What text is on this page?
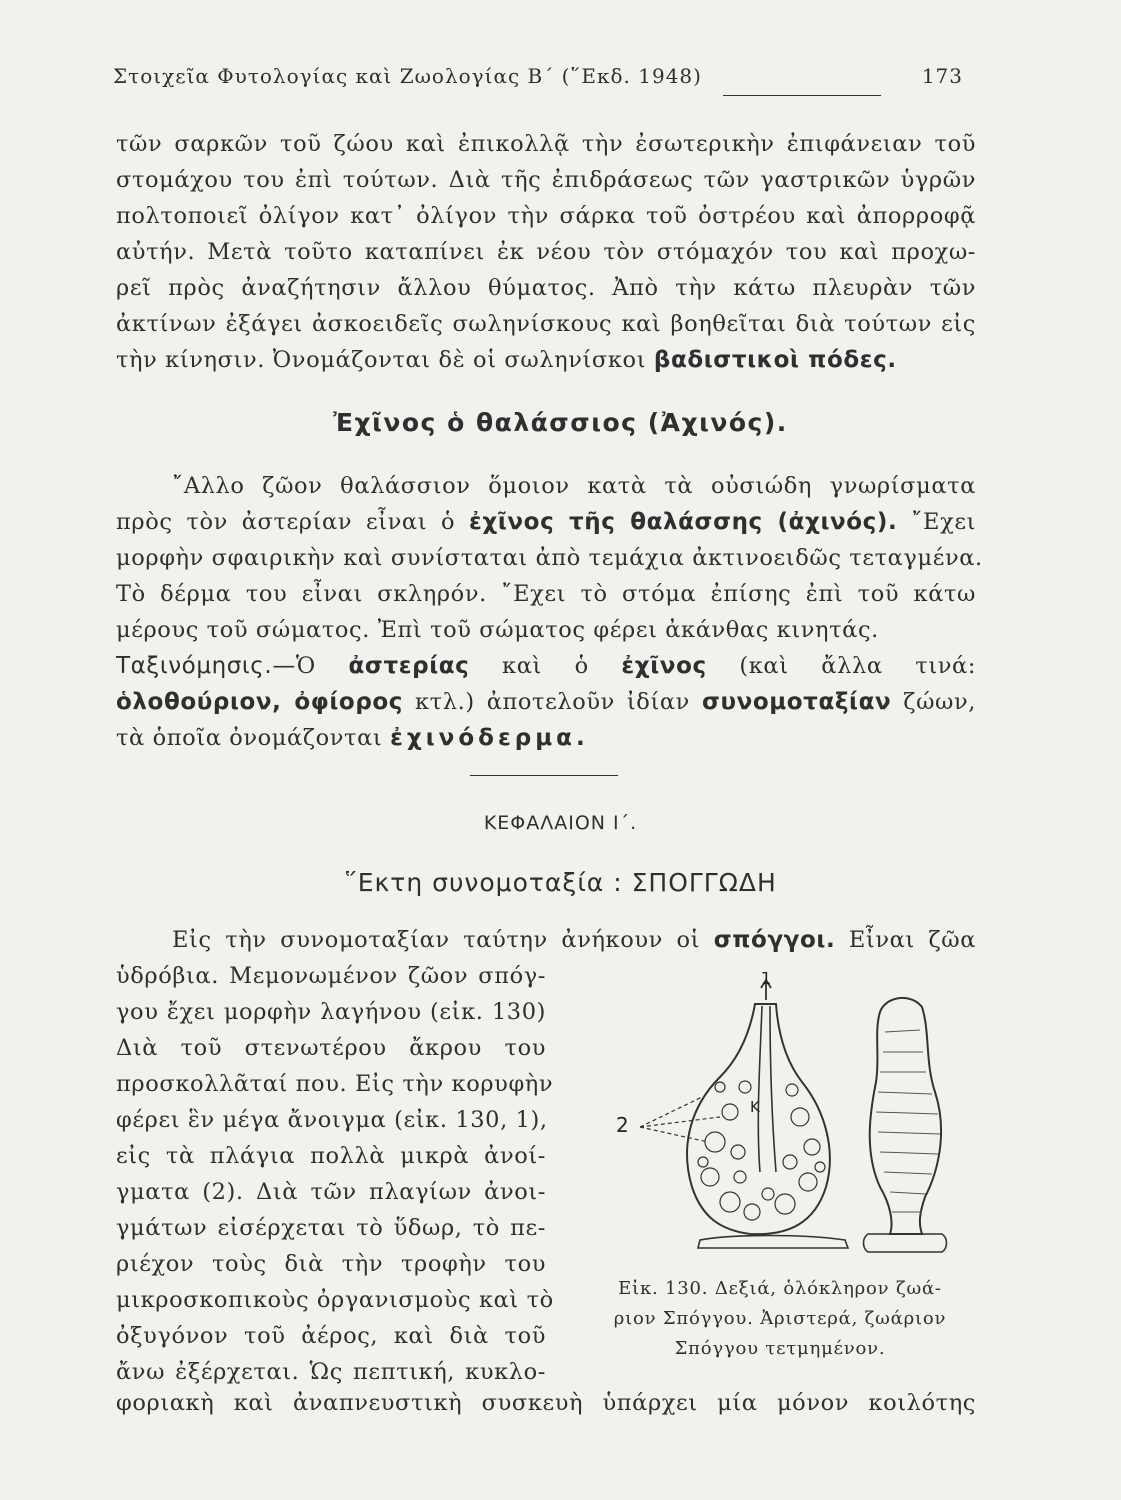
Στοιχεῖα Φυτολογίας καὶ Ζωολογίας Β΄ (῞Εκδ. 1948)	173
τῶν σαρκῶν τοῦ ζώου καὶ ἐπικολλᾷ τὴν ἐσωτερικὴν ἐπιφάνειαν τοῦ
στομάχου του ἐπὶ τούτων. Διὰ τῆς ἐπιδράσεως τῶν γαστρικῶν ὑγρῶν
πολτοποιεῖ ὀλίγον κατ᾽ ὀλίγον τὴν σάρκα τοῦ ὀστρέου καὶ ἀπορροφᾷ
αὐτήν. Μετὰ τοῦτο καταπίνει ἐκ νέου τὸν στόμαχόν του καὶ προχω-
ρεῖ πρὸς ἀναζήτησιν ἄλλου θύματος. Ἀπὸ τὴν κάτω πλευρὰν τῶν
ἀκτίνων ἐξάγει ἀσκοειδεῖς σωληνίσκους καὶ βοηθεῖται διὰ τούτων εἰς
τὴν κίνησιν. Ὀνομάζονται δὲ οἱ σωληνίσκοι βαδιστικοὶ πόδες.
Ἐχῖνος ὁ θαλάσσιος (Ἀχινός).
῎Αλλο ζῶον θαλάσσιον ὅμοιον κατὰ τὰ οὐσιώδη γνωρίσματα
πρὸς τὸν ἀστερίαν εἶναι ὁ ἐχῖνος τῆς θαλάσσης (ἀχινός). ῎Εχει
μορφὴν σφαιρικὴν καὶ συνίσταται ἀπὸ τεμάχια ἀκτινοειδῶς τεταγμένα.
Τὸ δέρμα του εἶναι σκληρόν. ῎Εχει τὸ στόμα ἐπίσης ἐπὶ τοῦ κάτω
μέρους τοῦ σώματος. Ἐπὶ τοῦ σώματος φέρει ἀκάνθας κινητάς.
Ταξινόμησις.—Ὁ ἀστερίας καὶ ὁ ἐχῖνος (καὶ ἄλλα τινά:
ὁλοθούριον, ὀφίορος κτλ.) ἀποτελοῦν ἰδίαν συνομοταξίαν ζώων,
τὰ ὁποῖα ὀνομάζονται ἐχινόδερμα.
ΚΕΦΑΛΑΙΟΝ Ι΄.
῞Εκτη συνομοταξία : ΣΠΟΓΓΩΔΗ
Εἰς τὴν συνομοταξίαν ταύτην ἀνήκουν οἱ σπόγγοι. Εἶναι ζῶα
ὑδρόβια. Μεμονωμένον ζῶον σπόγ-
γου ἔχει μορφὴν λαγήνου (εἰκ. 130)
Διὰ τοῦ στενωτέρου ἄκρου του
προσκολλᾶταί που. Εἰς τὴν κορυφὴν
φέρει ἓν μέγα ἄνοιγμα (εἰκ. 130, 1),
εἰς τὰ πλάγια πολλὰ μικρὰ ἀνοί-
γματα (2). Διὰ τῶν πλαγίων ἀνοι-
γμάτων εἰσέρχεται τὸ ὕδωρ, τὸ πε-
ριέχον τοὺς διὰ τὴν τροφὴν του
μικροσκοπικοὺς ὀργανισμοὺς καὶ τὸ
ὀξυγόνον τοῦ ἀέρος, καὶ διὰ τοῦ
ἄνω ἐξέρχεται. Ὡς πεπτική, κυκλο-
1
2
K
Εἰκ. 130. Δεξιά, ὁλόκληρον ζωά-
ριον Σπόγγου. Ἀριστερά, ζωάριον
Σπόγγου τετμημένον.
φοριακὴ καὶ ἀναπνευστικὴ συσκευὴ ὑπάρχει μία μόνον κοιλότης
